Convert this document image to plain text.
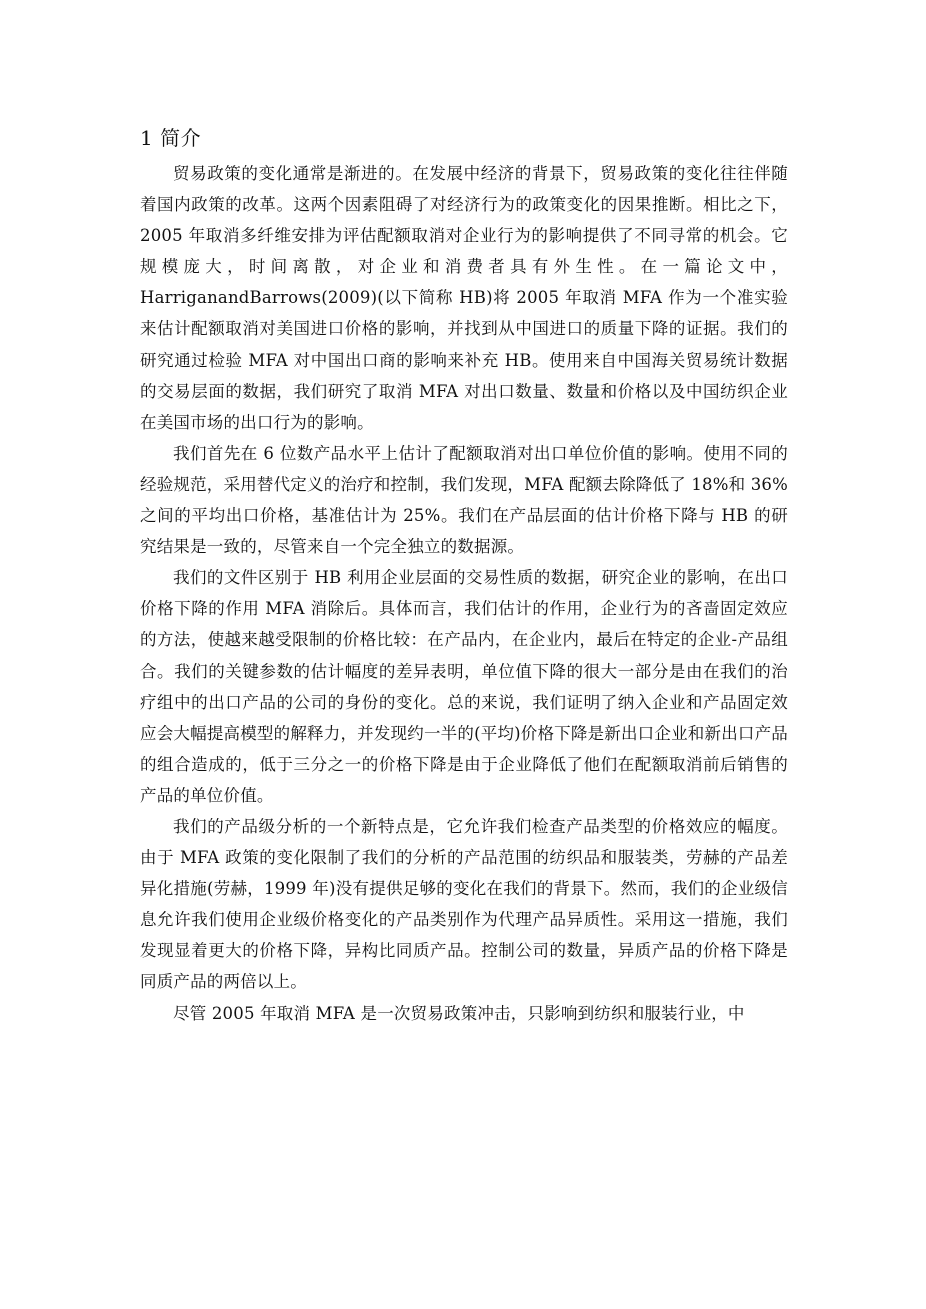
1 简介

贸易政策的变化通常是渐进的。在发展中经济的背景下，贸易政策的变化往往伴随着国内政策的改革。这两个因素阻碍了对经济行为的政策变化的因果推断。相比之下，2005 年取消多纤维安排为评估配额取消对企业行为的影响提供了不同寻常的机会。它规模庞大，时间离散，对企业和消费者具有外生性。在一篇论文中，HarriganandBarrows(2009)(以下简称 HB)将 2005 年取消 MFA 作为一个准实验来估计配额取消对美国进口价格的影响，并找到从中国进口的质量下降的证据。我们的研究通过检验 MFA 对中国出口商的影响来补充 HB。使用来自中国海关贸易统计数据的交易层面的数据，我们研究了取消 MFA 对出口数量、数量和价格以及中国纺织企业在美国市场的出口行为的影响。

我们首先在 6 位数产品水平上估计了配额取消对出口单位价值的影响。使用不同的经验规范，采用替代定义的治疗和控制，我们发现，MFA 配额去除降低了 18%和 36%之间的平均出口价格，基准估计为 25%。我们在产品层面的估计价格下降与 HB 的研究结果是一致的，尽管来自一个完全独立的数据源。

我们的文件区别于 HB 利用企业层面的交易性质的数据，研究企业的影响，在出口价格下降的作用 MFA 消除后。具体而言，我们估计的作用，企业行为的吝啬固定效应的方法，使越来越受限制的价格比较：在产品内，在企业内，最后在特定的企业-产品组合。我们的关键参数的估计幅度的差异表明，单位值下降的很大一部分是由在我们的治疗组中的出口产品的公司的身份的变化。总的来说，我们证明了纳入企业和产品固定效应会大幅提高模型的解释力，并发现约一半的(平均)价格下降是新出口企业和新出口产品的组合造成的，低于三分之一的价格下降是由于企业降低了他们在配额取消前后销售的产品的单位价值。

我们的产品级分析的一个新特点是，它允许我们检查产品类型的价格效应的幅度。由于 MFA 政策的变化限制了我们的分析的产品范围的纺织品和服装类，劳赫的产品差异化措施(劳赫，1999 年)没有提供足够的变化在我们的背景下。然而，我们的企业级信息允许我们使用企业级价格变化的产品类别作为代理产品异质性。采用这一措施，我们发现显着更大的价格下降，异构比同质产品。控制公司的数量，异质产品的价格下降是同质产品的两倍以上。

尽管 2005 年取消 MFA 是一次贸易政策冲击，只影响到纺织和服装行业，中
